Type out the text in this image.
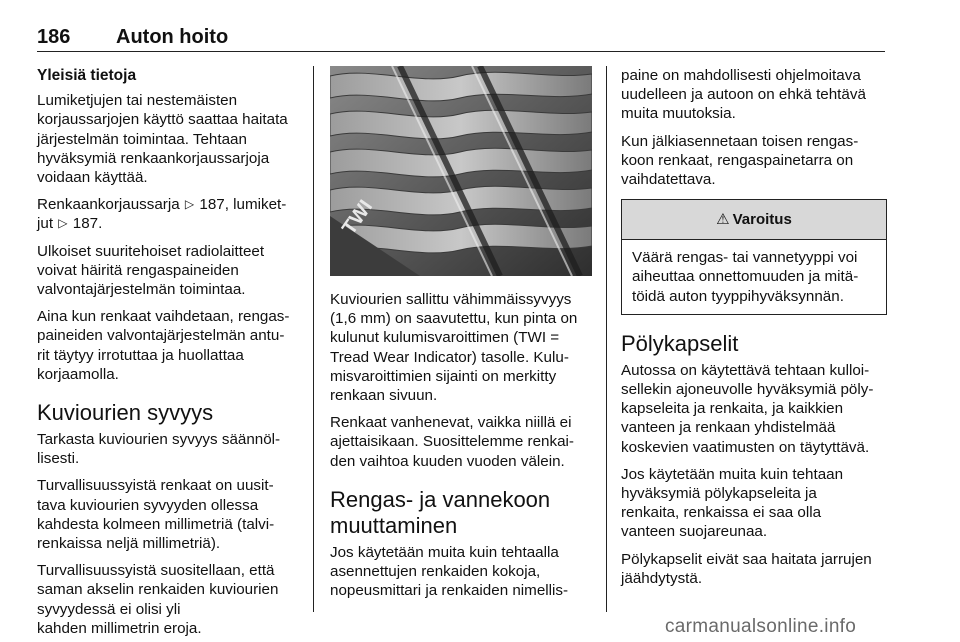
186 Auton hoito
Yleisiä tietoja

Lumiketjujen tai nestemäisten
korjaussarjojen käyttö saattaa haitata
järjestelmän toimintaa. Tehtaan
hyväksymiä renkaankorjaussarjoja
voidaan käyttää.

Renkaankorjaussarja ▷ 187, lumiket-
jut ▷ 187.

Ulkoiset suuritehoiset radiolaitteet
voivat häiritä rengaspaineiden
valvontajärjestelmän toimintaa.

Aina kun renkaat vaihdetaan, rengas-
paineiden valvontajärjestelmän antu-
rit täytyy irrotuttaa ja huollattaa
korjaamolla.

Kuviourien syvyys

Tarkasta kuviourien syvyys säännöl-
lisesti.

Turvallisuussyistä renkaat on uusit-
tava kuviourien syvyyden ollessa
kahdesta kolmeen millimetriä (talvi-
renkaissa neljä millimetriä).

Turvallisuussyistä suositellaan, että
saman akselin renkaiden kuviourien
syvyydessä ei olisi yli
kahden millimetrin eroja.

TWI

Kuviourien sallittu vähimmäissyvyys
(1,6 mm) on saavutettu, kun pinta on
kulunut kulumisvaroittimen (TWI =
Tread Wear Indicator) tasolle. Kulu-
misvaroittimien sijainti on merkitty
renkaan sivuun.

Renkaat vanhenevat, vaikka niillä ei
ajettaisikaan. Suosittelemme renkai-
den vaihtoa kuuden vuoden välein.

Rengas- ja vannekoon
muuttaminen

Jos käytetään muita kuin tehtaalla
asennettujen renkaiden kokoja,
nopeusmittari ja renkaiden nimellis-

paine on mahdollisesti ohjelmoitava
uudelleen ja autoon on ehkä tehtävä
muita muutoksia.

Kun jälkiasennetaan toisen rengas-
koon renkaat, rengaspainetarra on
vaihdatettava.

⚠ Varoitus
Väärä rengas- tai vannetyyppi voi
aiheuttaa onnettomuuden ja mitä-
töidä auton tyyppihyväksynnän.
Pölykapselit

Autossa on käytettävä tehtaan kulloi-
sellekin ajoneuvolle hyväksymiä pöly-
kapseleita ja renkaita, ja kaikkien
vanteen ja renkaan yhdistelmää
koskevien vaatimusten on täytyttävä.

Jos käytetään muita kuin tehtaan
hyväksymiä pölykapseleita ja
renkaita, renkaissa ei saa olla
vanteen suojareunaa.

Pölykapselit eivät saa haitata jarrujen
jäähdytystä.

carmanualsonline.info
